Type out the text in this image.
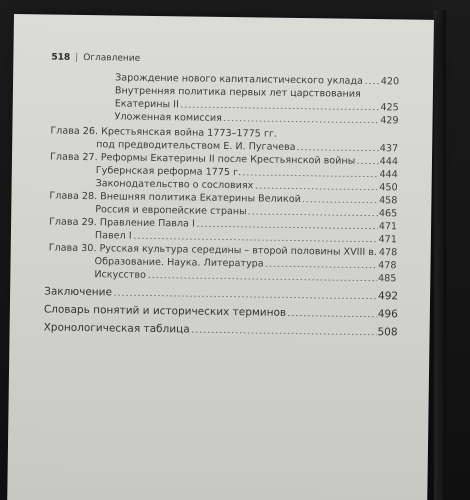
518 | Оглавление
Зарождение нового капиталистического уклада 420
Внутренняя политика первых лет царствования
Екатерины II	425
Уложенная комиссия	429
Глава 26. Крестьянская война 1773–1775 гг.
под предводительством Е. И. Пугачева	437
Глава 27. Реформы Екатерины II после Крестьянской войны	444
Губернская реформа 1775 г.	444
Законодательство о сословиях	450
Глава 28. Внешняя политика Екатерины Великой	458
Россия и европейские страны	465
Глава 29. Правление Павла I	471
Павел I	471
Глава 30. Русская культура середины – второй половины XVIII в. 478
Образование. Наука. Литература	478
Искусство	485
Заключение	492
Словарь понятий и исторических терминов	496
Хронологическая таблица	508
